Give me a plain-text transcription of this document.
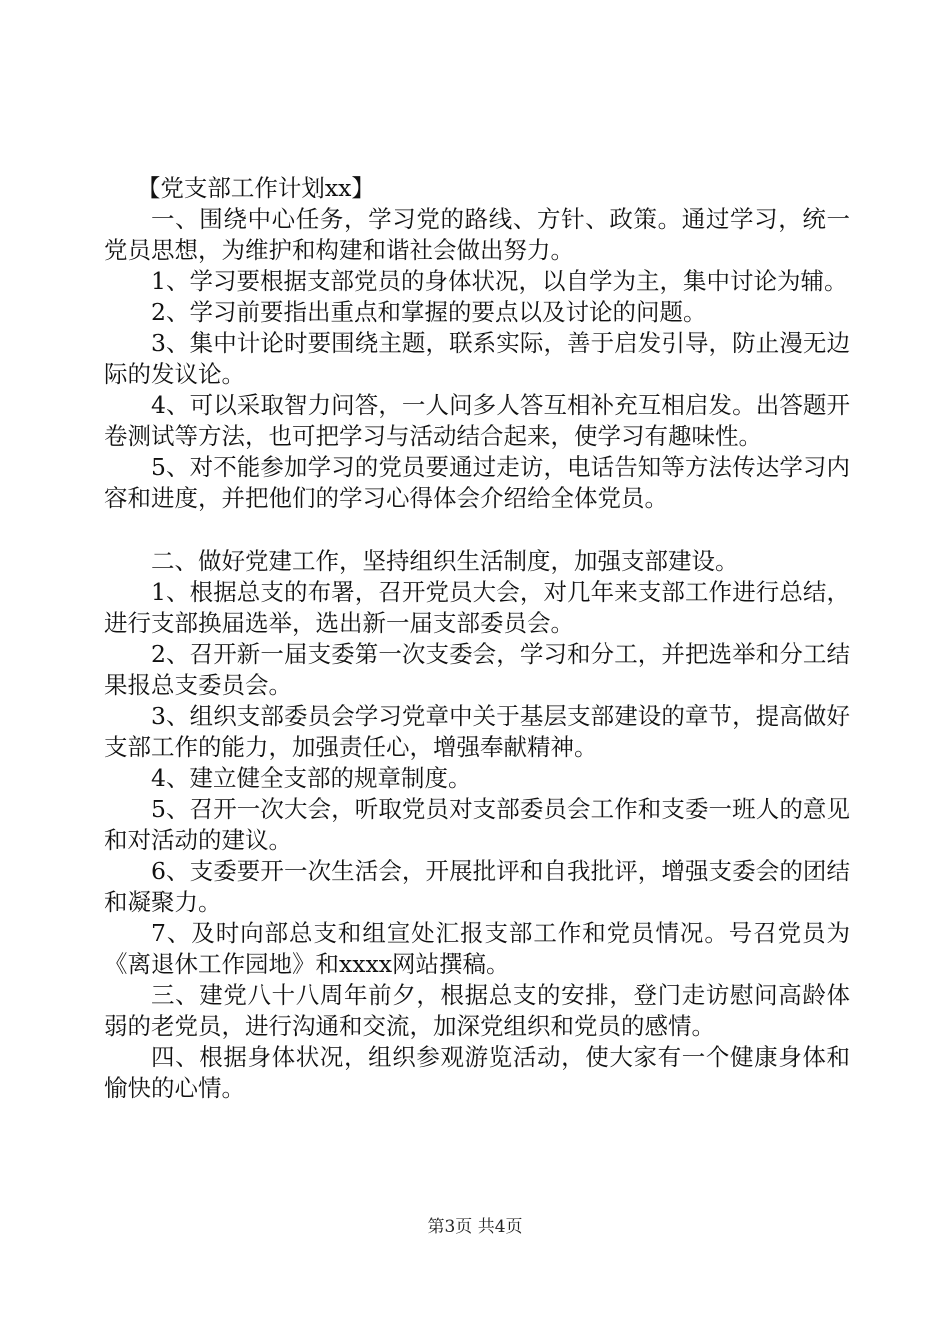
【党支部工作计划xx】

一、围绕中心任务，学习党的路线、方针、政策。通过学习，统一党员思想，为维护和构建和谐社会做出努力。

1、学习要根据支部党员的身体状况，以自学为主，集中讨论为辅。

2、学习前要指出重点和掌握的要点以及讨论的问题。

3、集中计论时要围绕主题，联系实际，善于启发引导，防止漫无边际的发议论。

4、可以采取智力问答，一人问多人答互相补充互相启发。出答题开卷测试等方法，也可把学习与活动结合起来，使学习有趣味性。

5、对不能参加学习的党员要通过走访，电话告知等方法传达学习内容和进度，并把他们的学习心得体会介绍给全体党员。

二、做好党建工作，坚持组织生活制度，加强支部建设。

1、根据总支的布署，召开党员大会，对几年来支部工作进行总结，进行支部换届选举，选出新一届支部委员会。

2、召开新一届支委第一次支委会，学习和分工，并把选举和分工结果报总支委员会。

3、组织支部委员会学习党章中关于基层支部建设的章节，提高做好支部工作的能力，加强责任心，增强奉献精神。

4、建立健全支部的规章制度。

5、召开一次大会，听取党员对支部委员会工作和支委一班人的意见和对活动的建议。

6、支委要开一次生活会，开展批评和自我批评，增强支委会的团结和凝聚力。

7、及时向部总支和组宣处汇报支部工作和党员情况。号召党员为《离退休工作园地》和xxxx网站撰稿。

三、建党八十八周年前夕，根据总支的安排，登门走访慰问高龄体弱的老党员，进行沟通和交流，加深党组织和党员的感情。

四、根据身体状况，组织参观游览活动，使大家有一个健康身体和愉快的心情。

第3页 共4页
